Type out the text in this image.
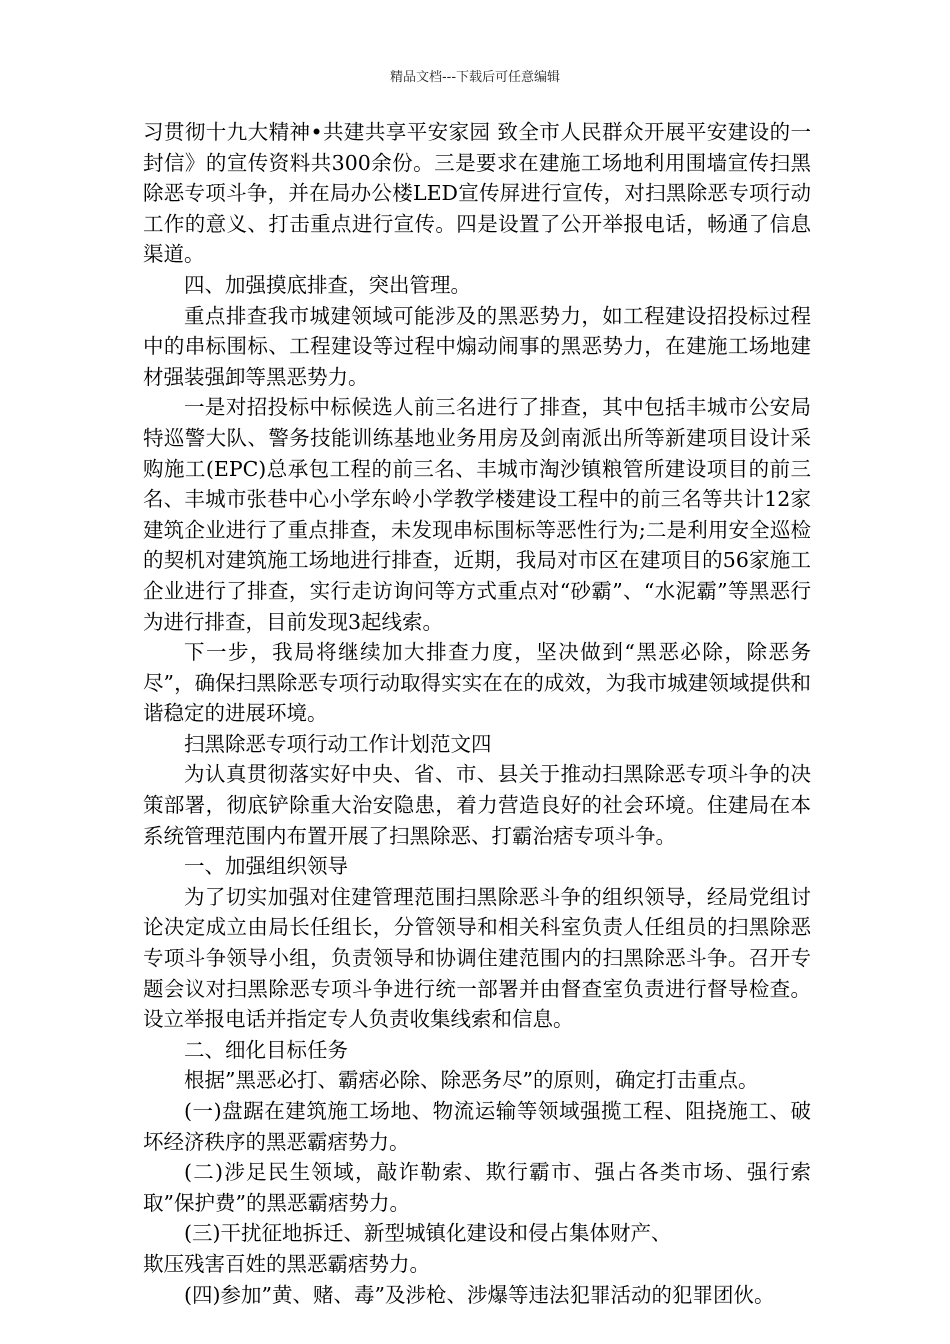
精品文档---下载后可任意编辑

习贯彻十九大精神•共建共享平安家园 致全市人民群众开展平安建设的一封信》的宣传资料共300余份。三是要求在建施工场地利用围墙宣传扫黑除恶专项斗争，并在局办公楼LED宣传屏进行宣传，对扫黑除恶专项行动工作的意义、打击重点进行宣传。四是设置了公开举报电话，畅通了信息渠道。

四、加强摸底排查，突出管理。

重点排查我市城建领域可能涉及的黑恶势力，如工程建设招投标过程中的串标围标、工程建设等过程中煽动闹事的黑恶势力，在建施工场地建材强装强卸等黑恶势力。

一是对招投标中标候选人前三名进行了排查，其中包括丰城市公安局特巡警大队、警务技能训练基地业务用房及剑南派出所等新建项目设计采购施工(EPC)总承包工程的前三名、丰城市淘沙镇粮管所建设项目的前三名、丰城市张巷中心小学东岭小学教学楼建设工程中的前三名等共计12家建筑企业进行了重点排查，未发现串标围标等恶性行为;二是利用安全巡检的契机对建筑施工场地进行排查，近期，我局对市区在建项目的56家施工企业进行了排查，实行走访询问等方式重点对“砂霸”、“水泥霸”等黑恶行为进行排查，目前发现3起线索。

下一步，我局将继续加大排查力度，坚决做到“黑恶必除，除恶务尽”，确保扫黑除恶专项行动取得实实在在的成效，为我市城建领域提供和谐稳定的进展环境。

扫黑除恶专项行动工作计划范文四

为认真贯彻落实好中央、省、市、县关于推动扫黑除恶专项斗争的决策部署，彻底铲除重大治安隐患，着力营造良好的社会环境。住建局在本系统管理范围内布置开展了扫黑除恶、打霸治痞专项斗争。

一、加强组织领导

为了切实加强对住建管理范围扫黑除恶斗争的组织领导，经局党组讨论决定成立由局长任组长，分管领导和相关科室负责人任组员的扫黑除恶专项斗争领导小组，负责领导和协调住建范围内的扫黑除恶斗争。召开专题会议对扫黑除恶专项斗争进行统一部署并由督查室负责进行督导检查。设立举报电话并指定专人负责收集线索和信息。

二、细化目标任务

根据”黑恶必打、霸痞必除、除恶务尽”的原则，确定打击重点。

(一)盘踞在建筑施工场地、物流运输等领域强揽工程、阻挠施工、破坏经济秩序的黑恶霸痞势力。

(二)涉足民生领域，敲诈勒索、欺行霸市、强占各类市场、强行索取”保护费”的黑恶霸痞势力。

(三)干扰征地拆迁、新型城镇化建设和侵占集体财产、

欺压残害百姓的黑恶霸痞势力。

(四)参加”黄、赌、毒”及涉枪、涉爆等违法犯罪活动的犯罪团伙。
